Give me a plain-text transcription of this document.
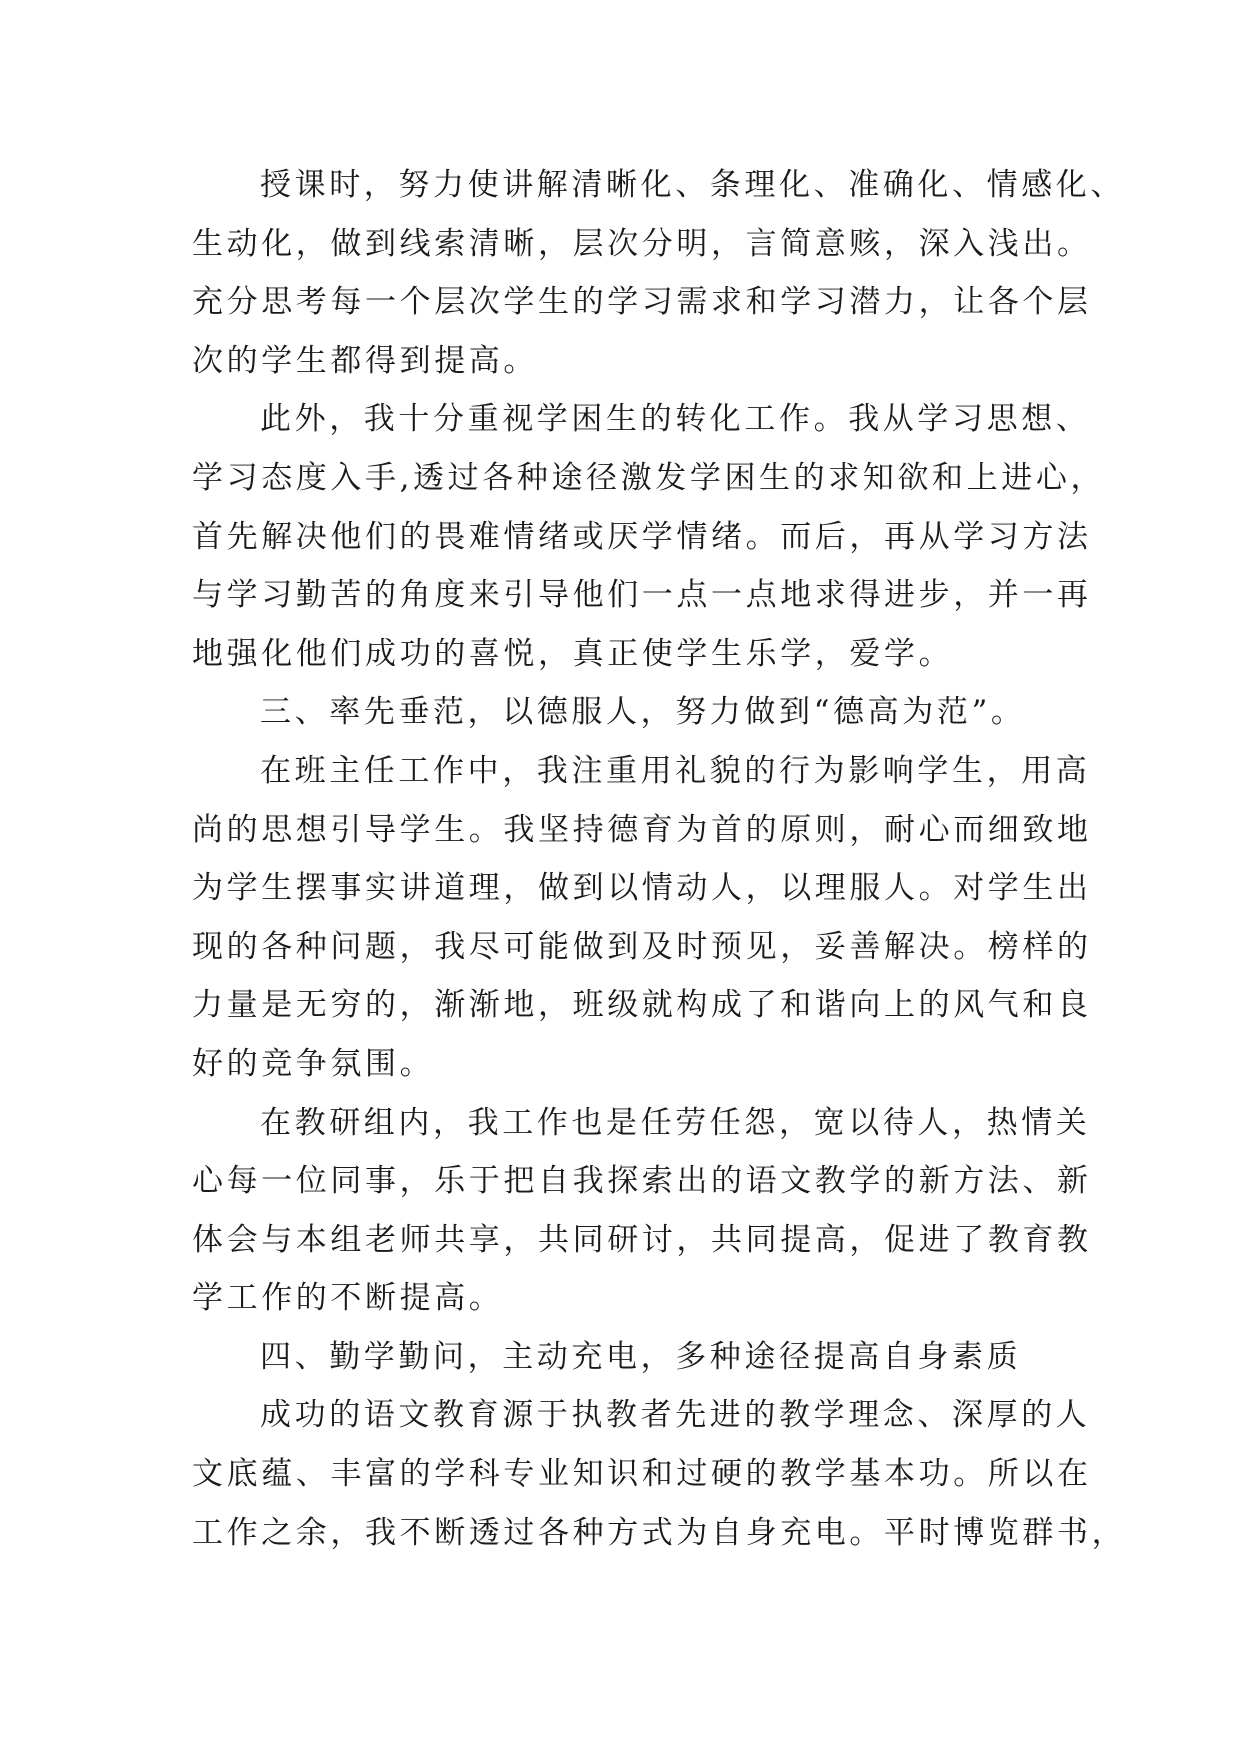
授课时，努力使讲解清晰化、条理化、准确化、情感化、
生动化，做到线索清晰，层次分明，言简意赅，深入浅出。
充分思考每一个层次学生的学习需求和学习潜力，让各个层
次的学生都得到提高。
此外，我十分重视学困生的转化工作。我从学习思想、
学习态度入手,透过各种途径激发学困生的求知欲和上进心，
首先解决他们的畏难情绪或厌学情绪。而后，再从学习方法
与学习勤苦的角度来引导他们一点一点地求得进步，并一再
地强化他们成功的喜悦，真正使学生乐学，爱学。
三、率先垂范，以德服人，努力做到“德高为范”。
在班主任工作中，我注重用礼貌的行为影响学生，用高
尚的思想引导学生。我坚持德育为首的原则，耐心而细致地
为学生摆事实讲道理，做到以情动人，以理服人。对学生出
现的各种问题，我尽可能做到及时预见，妥善解决。榜样的
力量是无穷的，渐渐地，班级就构成了和谐向上的风气和良
好的竞争氛围。
在教研组内，我工作也是任劳任怨，宽以待人，热情关
心每一位同事，乐于把自我探索出的语文教学的新方法、新
体会与本组老师共享，共同研讨，共同提高，促进了教育教
学工作的不断提高。
四、勤学勤问，主动充电，多种途径提高自身素质
成功的语文教育源于执教者先进的教学理念、深厚的人
文底蕴、丰富的学科专业知识和过硬的教学基本功。所以在
工作之余，我不断透过各种方式为自身充电。平时博览群书，
